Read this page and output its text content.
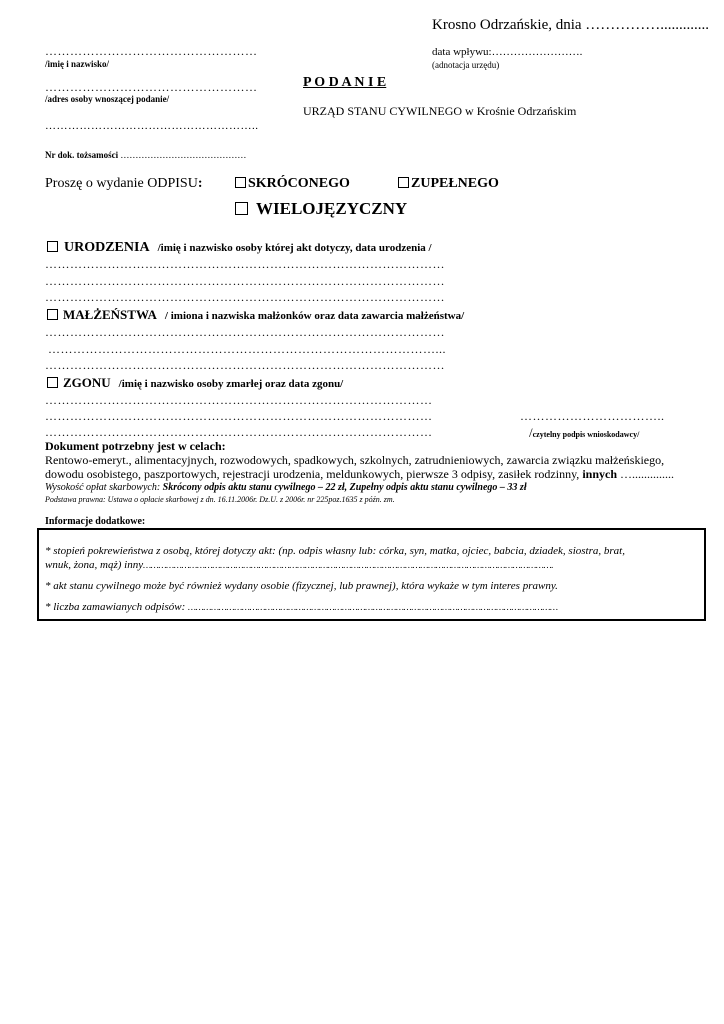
Krosno Odrzańskie, dnia …………….............
……………………………………………
/imię i nazwisko/
data wpływu:…………………….
(adnotacja urzędu)
……………………………………………
/adres osoby wnoszącej podanie/
P O D A N I E
URZĄD STANU CYWILNEGO w Krośnie Odrzańskim
………………………………………………..
Nr dok. tożsamości ……………………………………
Proszę o wydanie ODPISU:	SKRÓCONEGO	ZUPEŁNEGO
WIELOJĘZYCZNY
URODZENIA /imię i nazwisko osoby której akt dotyczy, data urodzenia /
……………………………………………………………………………………
……………………………………………………………………………………
……………………………………………………………………………………
MAŁŻEŃSTWA / imiona i nazwiska małżonków oraz data zawarcia małżeństwa/
……………………………………………………………………………………
…………………………………………………………………………………...
……………………………………………………………………………………
ZGONU /imię i nazwisko osoby zmarłej oraz data zgonu/
…………………………………………………………………………………
…………………………………………………………………………………
…………………………………………………………………………………
……………………………..
/czytelny podpis wnioskodawcy/
Dokument potrzebny jest w celach:
Rentowo-emeryt., alimentacyjnych, rozwodowych, spadkowych, szkolnych, zatrudnieniowych, zawarcia związku małżeńskiego,
dowodu osobistego, paszportowych, rejestracji urodzenia, meldunkowych, pierwsze 3 odpisy, zasiłek rodzinny, innych …..............
Wysokość opłat skarbowych: Skrócony odpis aktu stanu cywilnego – 22 zł, Zupełny odpis aktu stanu cywilnego – 33 zł
Podstawa prawna: Ustawa o opłacie skarbowej z dn. 16.11.2006r. Dz.U. z 2006r. nr 225poz.1635 z późn. zm.
Informacje dodatkowe:
* stopień pokrewieństwa z osobą, której dotyczy akt: (np. odpis własny lub: córka, syn, matka, ojciec, babcia, dziadek, siostra, brat,
wnuk, żona, mąż) inny…………………………………………………………………………………………………………………………………………….
* akt stanu cywilnego może być również wydany osobie (fizycznej, lub prawnej), która wykaże w tym interes prawny.
* liczba zamawianych odpisów: ………………………………………………………………………………………………………………………………
